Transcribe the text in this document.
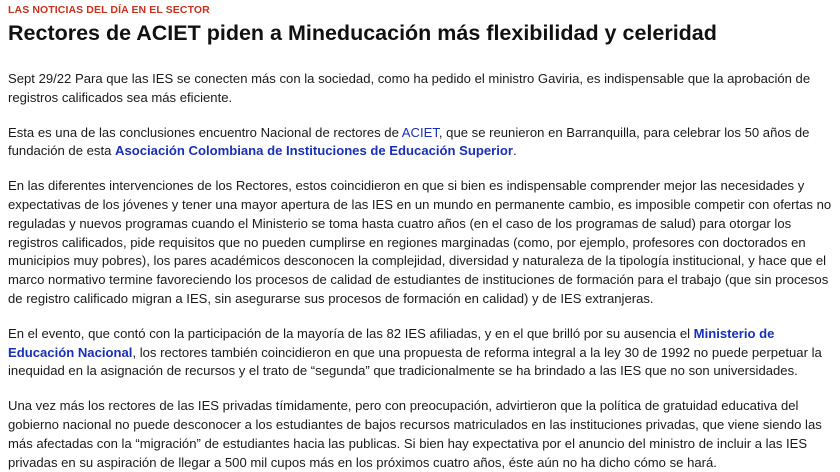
LAS NOTICIAS DEL DÍA EN EL SECTOR
Rectores de ACIET piden a Mineducación más flexibilidad y celeridad

Sept 29/22 Para que las IES se conecten más con la sociedad, como ha pedido el ministro Gaviria, es indispensable que la aprobación de registros calificados sea más eficiente.

Esta es una de las conclusiones encuentro Nacional de rectores de ACIET, que se reunieron en Barranquilla, para celebrar los 50 años de fundación de esta Asociación Colombiana de Instituciones de Educación Superior.

En las diferentes intervenciones de los Rectores, estos coincidieron en que si bien es indispensable comprender mejor las necesidades y expectativas de los jóvenes y tener una mayor apertura de las IES en un mundo en permanente cambio, es imposible competir con ofertas no reguladas y nuevos programas cuando el Ministerio se toma hasta cuatro años (en el caso de los programas de salud) para otorgar los registros calificados, pide requisitos que no pueden cumplirse en regiones marginadas (como, por ejemplo, profesores con doctorados en municipios muy pobres), los pares académicos desconocen la complejidad, diversidad y naturaleza de la tipología institucional, y hace que el marco normativo termine favoreciendo los procesos de calidad de estudiantes de instituciones de formación para el trabajo (que sin procesos de registro calificado migran a IES, sin asegurarse sus procesos de formación en calidad) y de IES extranjeras.

En el evento, que contó con la participación de la mayoría de las 82 IES afiliadas, y en el que brilló por su ausencia el Ministerio de Educación Nacional, los rectores también coincidieron en que una propuesta de reforma integral a la ley 30 de 1992 no puede perpetuar la inequidad en la asignación de recursos y el trato de “segunda” que tradicionalmente se ha brindado a las IES que no son universidades.

Una vez más los rectores de las IES privadas tímidamente, pero con preocupación, advirtieron que la política de gratuidad educativa del gobierno nacional no puede desconocer a los estudiantes de bajos recursos matriculados en las instituciones privadas, que viene siendo las más afectadas con la “migración” de estudiantes hacia las publicas. Si bien hay expectativa por el anuncio del ministro de incluir a las IES privadas en su aspiración de llegar a 500 mil cupos más en los próximos cuatro años, éste aún no ha dicho cómo se hará.
